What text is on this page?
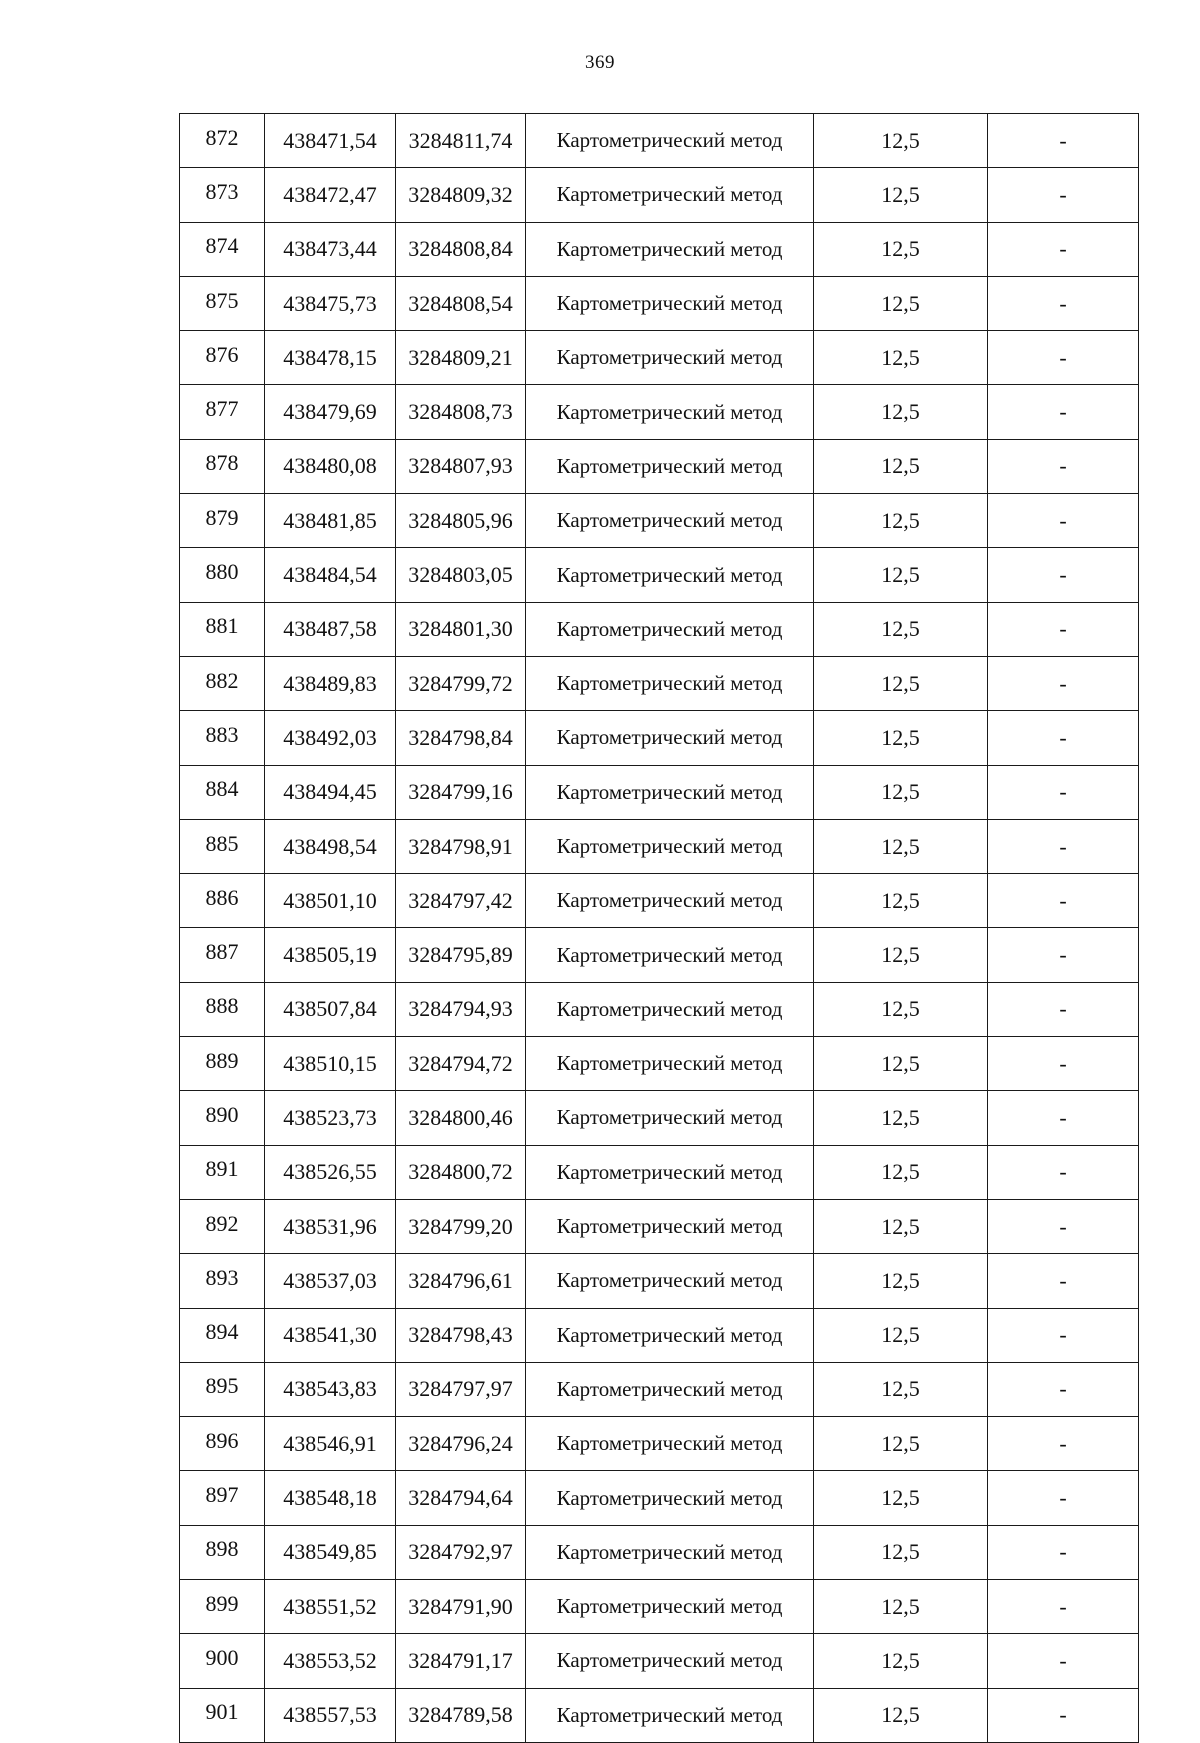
369
872	438471,54	3284811,74	Картометрический метод	12,5	-
873	438472,47	3284809,32	Картометрический метод	12,5	-
874	438473,44	3284808,84	Картометрический метод	12,5	-
875	438475,73	3284808,54	Картометрический метод	12,5	-
876	438478,15	3284809,21	Картометрический метод	12,5	-
877	438479,69	3284808,73	Картометрический метод	12,5	-
878	438480,08	3284807,93	Картометрический метод	12,5	-
879	438481,85	3284805,96	Картометрический метод	12,5	-
880	438484,54	3284803,05	Картометрический метод	12,5	-
881	438487,58	3284801,30	Картометрический метод	12,5	-
882	438489,83	3284799,72	Картометрический метод	12,5	-
883	438492,03	3284798,84	Картометрический метод	12,5	-
884	438494,45	3284799,16	Картометрический метод	12,5	-
885	438498,54	3284798,91	Картометрический метод	12,5	-
886	438501,10	3284797,42	Картометрический метод	12,5	-
887	438505,19	3284795,89	Картометрический метод	12,5	-
888	438507,84	3284794,93	Картометрический метод	12,5	-
889	438510,15	3284794,72	Картометрический метод	12,5	-
890	438523,73	3284800,46	Картометрический метод	12,5	-
891	438526,55	3284800,72	Картометрический метод	12,5	-
892	438531,96	3284799,20	Картометрический метод	12,5	-
893	438537,03	3284796,61	Картометрический метод	12,5	-
894	438541,30	3284798,43	Картометрический метод	12,5	-
895	438543,83	3284797,97	Картометрический метод	12,5	-
896	438546,91	3284796,24	Картометрический метод	12,5	-
897	438548,18	3284794,64	Картометрический метод	12,5	-
898	438549,85	3284792,97	Картометрический метод	12,5	-
899	438551,52	3284791,90	Картометрический метод	12,5	-
900	438553,52	3284791,17	Картометрический метод	12,5	-
901	438557,53	3284789,58	Картометрический метод	12,5	-
